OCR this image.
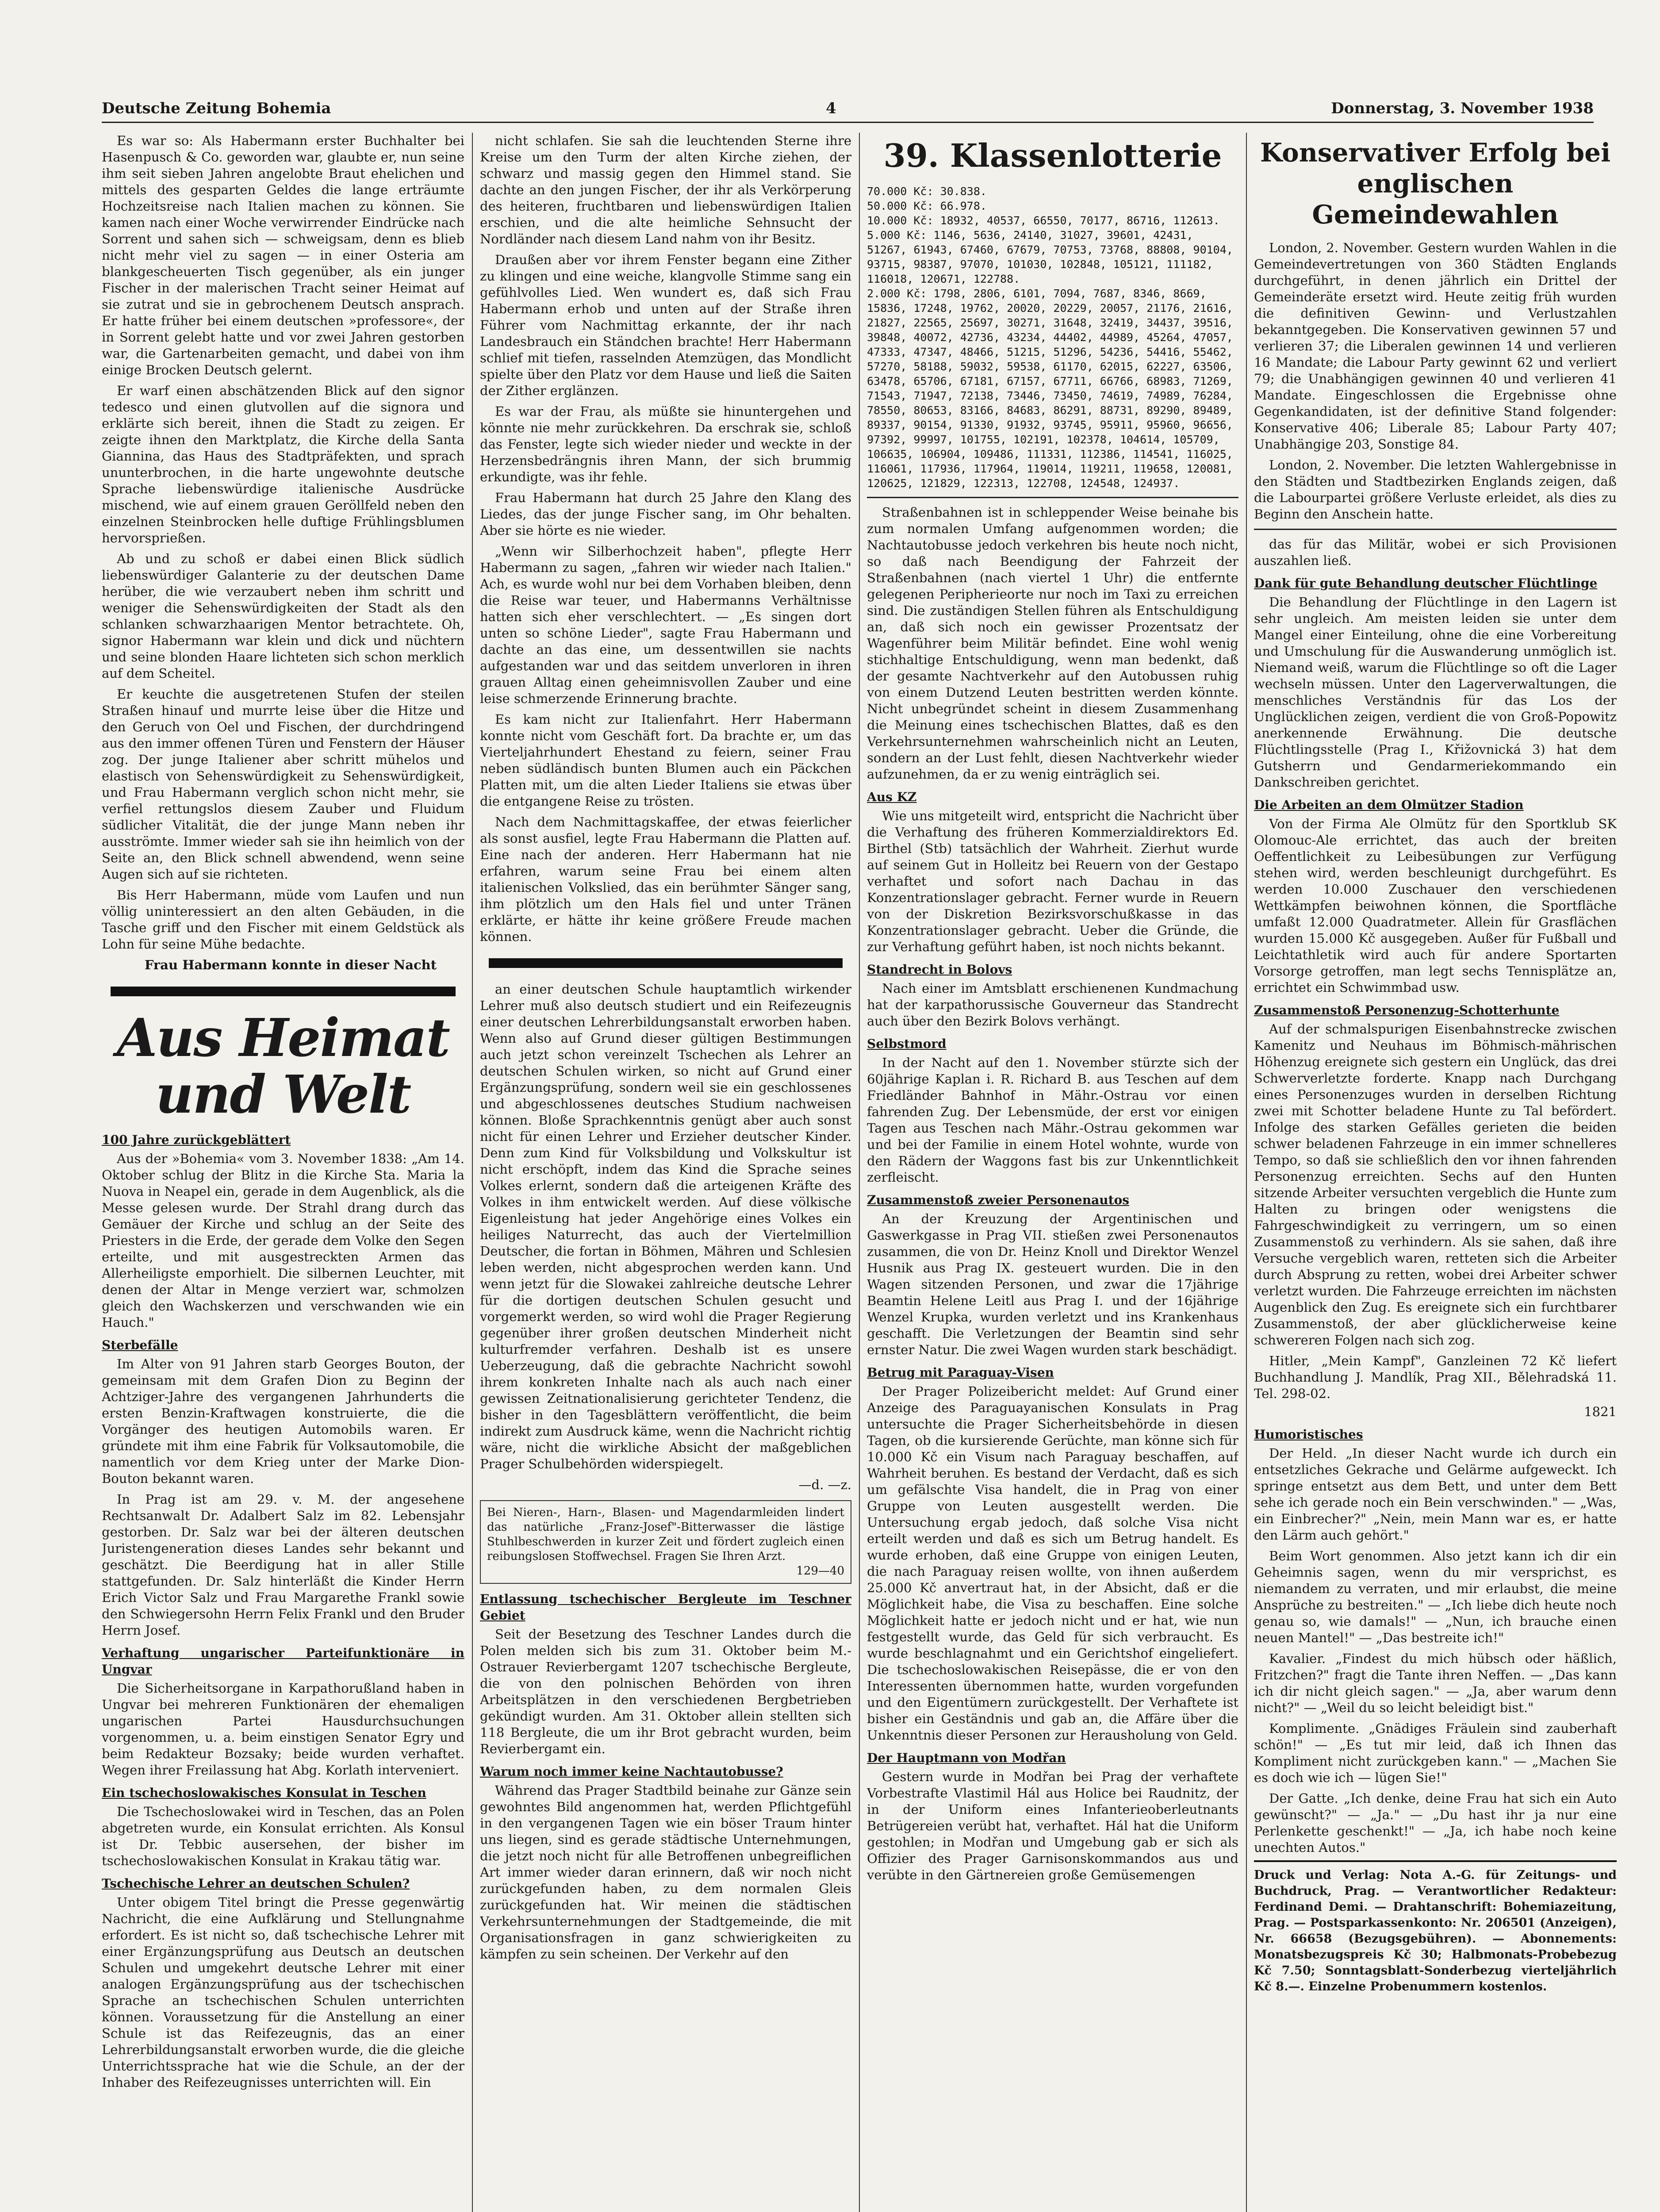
Deutsche Zeitung Bohemia	4	Donnerstag, 3. November 1938

Es war so: Als Habermann erster Buchhalter bei Hasenpusch & Co. geworden war, glaubte er, nun seine ihm seit sieben Jahren angelobte Braut ehelichen und mittels des gesparten Geldes die lange erträumte Hochzeitsreise nach Italien machen zu können. Sie kamen nach einer Woche verwirrender Eindrücke nach Sorrent und sahen sich — schweigsam, denn es blieb nicht mehr viel zu sagen — in einer Osteria am blankgescheuerten Tisch gegenüber, als ein junger Fischer in der malerischen Tracht seiner Heimat auf sie zutrat und sie in gebrochenem Deutsch ansprach. Er hatte früher bei einem deutschen »professore«, der in Sorrent gelebt hatte und vor zwei Jahren gestorben war, die Gartenarbeiten gemacht, und dabei von ihm einige Brocken Deutsch gelernt.

Er warf einen abschätzenden Blick auf den signor tedesco und einen glutvollen auf die signora und erklärte sich bereit, ihnen die Stadt zu zeigen. Er zeigte ihnen den Marktplatz, die Kirche della Santa Giannina, das Haus des Stadtpräfekten, und sprach ununterbrochen, in die harte ungewohnte deutsche Sprache liebenswürdige italienische Ausdrücke mischend, wie auf einem grauen Geröllfeld neben den einzelnen Steinbrocken helle duftige Frühlingsblumen hervorsprießen.

Ab und zu schoß er dabei einen Blick südlich liebenswürdiger Galanterie zu der deutschen Dame herüber, die wie verzaubert neben ihm schritt und weniger die Sehenswürdigkeiten der Stadt als den schlanken schwarzhaarigen Mentor betrachtete. Oh, signor Habermann war klein und dick und nüchtern und seine blonden Haare lichteten sich schon merklich auf dem Scheitel.

Er keuchte die ausgetretenen Stufen der steilen Straßen hinauf und murrte leise über die Hitze und den Geruch von Oel und Fischen, der durchdringend aus den immer offenen Türen und Fenstern der Häuser zog. Der junge Italiener aber schritt mühelos und elastisch von Sehenswürdigkeit zu Sehenswürdigkeit, und Frau Habermann verglich schon nicht mehr, sie verfiel rettungslos diesem Zauber und Fluidum südlicher Vitalität, die der junge Mann neben ihr ausströmte. Immer wieder sah sie ihn heimlich von der Seite an, den Blick schnell abwendend, wenn seine Augen sich auf sie richteten.

Bis Herr Habermann, müde vom Laufen und nun völlig uninteressiert an den alten Gebäuden, in die Tasche griff und den Fischer mit einem Geldstück als Lohn für seine Mühe bedachte.

Frau Habermann konnte in dieser Nacht

Aus Heimat und Welt
100 Jahre zurückgeblättert

Aus der »Bohemia« vom 3. November 1838: „Am 14. Oktober schlug der Blitz in die Kirche Sta. Maria la Nuova in Neapel ein, gerade in dem Augenblick, als die Messe gelesen wurde. Der Strahl drang durch das Gemäuer der Kirche und schlug an der Seite des Priesters in die Erde, der gerade dem Volke den Segen erteilte, und mit ausgestreckten Armen das Allerheiligste emporhielt. Die silbernen Leuchter, mit denen der Altar in Menge verziert war, schmolzen gleich den Wachskerzen und verschwanden wie ein Hauch."

Sterbefälle

Im Alter von 91 Jahren starb Georges Bouton, der gemeinsam mit dem Grafen Dion zu Beginn der Achtziger-Jahre des vergangenen Jahrhunderts die ersten Benzin-Kraftwagen konstruierte, die die Vorgänger des heutigen Automobils waren. Er gründete mit ihm eine Fabrik für Volksautomobile, die namentlich vor dem Krieg unter der Marke Dion-Bouton bekannt waren.

In Prag ist am 29. v. M. der angesehene Rechtsanwalt Dr. Adalbert Salz im 82. Lebensjahr gestorben. Dr. Salz war bei der älteren deutschen Juristengeneration dieses Landes sehr bekannt und geschätzt. Die Beerdigung hat in aller Stille stattgefunden. Dr. Salz hinterläßt die Kinder Herrn Erich Victor Salz und Frau Margarethe Frankl sowie den Schwiegersohn Herrn Felix Frankl und den Bruder Herrn Josef.

Verhaftung ungarischer Parteifunktionäre in Ungvar

Die Sicherheitsorgane in Karpathorußland haben in Ungvar bei mehreren Funktionären der ehemaligen ungarischen Partei Hausdurchsuchungen vorgenommen, u. a. beim einstigen Senator Egry und beim Redakteur Bozsaky; beide wurden verhaftet. Wegen ihrer Freilassung hat Abg. Korlath interveniert.

Ein tschechoslowakisches Konsulat in Teschen

Die Tschechoslowakei wird in Teschen, das an Polen abgetreten wurde, ein Konsulat errichten. Als Konsul ist Dr. Tebbic ausersehen, der bisher im tschechoslowakischen Konsulat in Krakau tätig war.

Tschechische Lehrer an deutschen Schulen?

Unter obigem Titel bringt die Presse gegenwärtig Nachricht, die eine Aufklärung und Stellungnahme erfordert. Es ist nicht so, daß tschechische Lehrer mit einer Ergänzungsprüfung aus Deutsch an deutschen Schulen und umgekehrt deutsche Lehrer mit einer analogen Ergänzungsprüfung aus der tschechischen Sprache an tschechischen Schulen unterrichten können. Voraussetzung für die Anstellung an einer Schule ist das Reifezeugnis, das an einer Lehrerbildungsanstalt erworben wurde, die die gleiche Unterrichtssprache hat wie die Schule, an der der Inhaber des Reifezeugnisses unterrichten will. Ein

nicht schlafen. Sie sah die leuchtenden Sterne ihre Kreise um den Turm der alten Kirche ziehen, der schwarz und massig gegen den Himmel stand. Sie dachte an den jungen Fischer, der ihr als Verkörperung des heiteren, fruchtbaren und liebenswürdigen Italien erschien, und die alte heimliche Sehnsucht der Nordländer nach diesem Land nahm von ihr Besitz.

Draußen aber vor ihrem Fenster begann eine Zither zu klingen und eine weiche, klangvolle Stimme sang ein gefühlvolles Lied. Wen wundert es, daß sich Frau Habermann erhob und unten auf der Straße ihren Führer vom Nachmittag erkannte, der ihr nach Landesbrauch ein Ständchen brachte! Herr Habermann schlief mit tiefen, rasselnden Atemzügen, das Mondlicht spielte über den Platz vor dem Hause und ließ die Saiten der Zither erglänzen.

Es war der Frau, als müßte sie hinuntergehen und könnte nie mehr zurückkehren. Da erschrak sie, schloß das Fenster, legte sich wieder nieder und weckte in der Herzensbedrängnis ihren Mann, der sich brummig erkundigte, was ihr fehle.

Frau Habermann hat durch 25 Jahre den Klang des Liedes, das der junge Fischer sang, im Ohr behalten. Aber sie hörte es nie wieder.

„Wenn wir Silberhochzeit haben", pflegte Herr Habermann zu sagen, „fahren wir wieder nach Italien." Ach, es wurde wohl nur bei dem Vorhaben bleiben, denn die Reise war teuer, und Habermanns Verhältnisse hatten sich eher verschlechtert. — „Es singen dort unten so schöne Lieder", sagte Frau Habermann und dachte an das eine, um dessentwillen sie nachts aufgestanden war und das seitdem unverloren in ihren grauen Alltag einen geheimnisvollen Zauber und eine leise schmerzende Erinnerung brachte.

Es kam nicht zur Italienfahrt. Herr Habermann konnte nicht vom Geschäft fort. Da brachte er, um das Vierteljahrhundert Ehestand zu feiern, seiner Frau neben südländisch bunten Blumen auch ein Päckchen Platten mit, um die alten Lieder Italiens sie etwas über die entgangene Reise zu trösten.

Nach dem Nachmittagskaffee, der etwas feierlicher als sonst ausfiel, legte Frau Habermann die Platten auf. Eine nach der anderen. Herr Habermann hat nie erfahren, warum seine Frau bei einem alten italienischen Volkslied, das ein berühmter Sänger sang, ihm plötzlich um den Hals fiel und unter Tränen erklärte, er hätte ihr keine größere Freude machen können.

an einer deutschen Schule hauptamtlich wirkender Lehrer muß also deutsch studiert und ein Reifezeugnis einer deutschen Lehrerbildungsanstalt erworben haben. Wenn also auf Grund dieser gültigen Bestimmungen auch jetzt schon vereinzelt Tschechen als Lehrer an deutschen Schulen wirken, so nicht auf Grund einer Ergänzungsprüfung, sondern weil sie ein geschlossenes und abgeschlossenes deutsches Studium nachweisen können. Bloße Sprachkenntnis genügt aber auch sonst nicht für einen Lehrer und Erzieher deutscher Kinder. Denn zum Kind für Volksbildung und Volkskultur ist nicht erschöpft, indem das Kind die Sprache seines Volkes erlernt, sondern daß die arteigenen Kräfte des Volkes in ihm entwickelt werden. Auf diese völkische Eigenleistung hat jeder Angehörige eines Volkes ein heiliges Naturrecht, das auch der Viertelmillion Deutscher, die fortan in Böhmen, Mähren und Schlesien leben werden, nicht abgesprochen werden kann. Und wenn jetzt für die Slowakei zahlreiche deutsche Lehrer für die dortigen deutschen Schulen gesucht und vorgemerkt werden, so wird wohl die Prager Regierung gegenüber ihrer großen deutschen Minderheit nicht kulturfremder verfahren. Deshalb ist es unsere Ueberzeugung, daß die gebrachte Nachricht sowohl ihrem konkreten Inhalte nach als auch nach einer gewissen Zeitnationalisierung gerichteter Tendenz, die bisher in den Tagesblättern veröffentlicht, die beim indirekt zum Ausdruck käme, wenn die Nachricht richtig wäre, nicht die wirkliche Absicht der maßgeblichen Prager Schulbehörden widerspiegelt.

—d. —z.
Bei Nieren-, Harn-, Blasen- und Magendarmleiden lindert das natürliche „Franz-Josef"-Bitterwasser die lästige Stuhlbeschwerden in kurzer Zeit und fördert zugleich einen reibungslosen Stoffwechsel. Fragen Sie Ihren Arzt.
129—40
Entlassung tschechischer Bergleute im Teschner Gebiet

Seit der Besetzung des Teschner Landes durch die Polen melden sich bis zum 31. Oktober beim M.-Ostrauer Revierbergamt 1207 tschechische Bergleute, die von den polnischen Behörden von ihren Arbeitsplätzen in den verschiedenen Bergbetrieben gekündigt wurden. Am 31. Oktober allein stellten sich 118 Bergleute, die um ihr Brot gebracht wurden, beim Revierbergamt ein.

Warum noch immer keine Nachtautobusse?

Während das Prager Stadtbild beinahe zur Gänze sein gewohntes Bild angenommen hat, werden Pflichtgefühl in den vergangenen Tagen wie ein böser Traum hinter uns liegen, sind es gerade städtische Unternehmungen, die jetzt noch nicht für alle Betroffenen unbegreiflichen Art immer wieder daran erinnern, daß wir noch nicht zurückgefunden haben, zu dem normalen Gleis zurückgefunden hat. Wir meinen die städtischen Verkehrsunternehmungen der Stadtgemeinde, die mit Organisationsfragen in ganz schwierigkeiten zu kämpfen zu sein scheinen. Der Verkehr auf den

39. Klassenlotterie
70.000 Kč: 30.838.
50.000 Kč: 66.978.
10.000 Kč: 18932, 40537, 66550, 70177, 86716, 112613.
5.000 Kč: 1146, 5636, 24140, 31027, 39601, 42431, 51267, 61943, 67460, 67679, 70753, 73768, 88808, 90104, 93715, 98387, 97070, 101030, 102848, 105121, 111182, 116018, 120671, 122788.
2.000 Kč: 1798, 2806, 6101, 7094, 7687, 8346, 8669, 15836, 17248, 19762, 20020, 20229, 20057, 21176, 21616, 21827, 22565, 25697, 30271, 31648, 32419, 34437, 39516, 39848, 40072, 42736, 43234, 44402, 44989, 45264, 47057, 47333, 47347, 48466, 51215, 51296, 54236, 54416, 55462, 57270, 58188, 59032, 59538, 61170, 62015, 62227, 63506, 63478, 65706, 67181, 67157, 67711, 66766, 68983, 71269, 71543, 71947, 72138, 73446, 73450, 74619, 74989, 76284, 78550, 80653, 83166, 84683, 86291, 88731, 89290, 89489, 89337, 90154, 91330, 91932, 93745, 95911, 95960, 96656, 97392, 99997, 101755, 102191, 102378, 104614, 105709, 106635, 106904, 109486, 111331, 112386, 114541, 116025, 116061, 117936, 117964, 119014, 119211, 119658, 120081, 120625, 121829, 122313, 122708, 124548, 124937.

Straßenbahnen ist in schleppender Weise beinahe bis zum normalen Umfang aufgenommen worden; die Nachtautobusse jedoch verkehren bis heute noch nicht, so daß nach Beendigung der Fahrzeit der Straßenbahnen (nach viertel 1 Uhr) die entfernte gelegenen Peripherieorte nur noch im Taxi zu erreichen sind. Die zuständigen Stellen führen als Entschuldigung an, daß sich noch ein gewisser Prozentsatz der Wagenführer beim Militär befindet. Eine wohl wenig stichhaltige Entschuldigung, wenn man bedenkt, daß der gesamte Nachtverkehr auf den Autobussen ruhig von einem Dutzend Leuten bestritten werden könnte. Nicht unbegründet scheint in diesem Zusammenhang die Meinung eines tschechischen Blattes, daß es den Verkehrsunternehmen wahrscheinlich nicht an Leuten, sondern an der Lust fehlt, diesen Nachtverkehr wieder aufzunehmen, da er zu wenig einträglich sei.

Aus KZ

Wie uns mitgeteilt wird, entspricht die Nachricht über die Verhaftung des früheren Kommerzialdirektors Ed. Birthel (Stb) tatsächlich der Wahrheit. Zierhut wurde auf seinem Gut in Holleitz bei Reuern von der Gestapo verhaftet und sofort nach Dachau in das Konzentrationslager gebracht. Ferner wurde in Reuern von der Diskretion Bezirksvorschußkasse in das Konzentrationslager gebracht. Ueber die Gründe, die zur Verhaftung geführt haben, ist noch nichts bekannt.

Standrecht in Bolovs

Nach einer im Amtsblatt erschienenen Kundmachung hat der karpathorussische Gouverneur das Standrecht auch über den Bezirk Bolovs verhängt.

Selbstmord

In der Nacht auf den 1. November stürzte sich der 60jährige Kaplan i. R. Richard B. aus Teschen auf dem Friedländer Bahnhof in Mähr.-Ostrau vor einen fahrenden Zug. Der Lebensmüde, der erst vor einigen Tagen aus Teschen nach Mähr.-Ostrau gekommen war und bei der Familie in einem Hotel wohnte, wurde von den Rädern der Waggons fast bis zur Unkenntlichkeit zerfleischt.

Zusammenstoß zweier Personenautos

An der Kreuzung der Argentinischen und Gaswerkgasse in Prag VII. stießen zwei Personenautos zusammen, die von Dr. Heinz Knoll und Direktor Wenzel Husnik aus Prag IX. gesteuert wurden. Die in den Wagen sitzenden Personen, und zwar die 17jährige Beamtin Helene Leitl aus Prag I. und der 16jährige Wenzel Krupka, wurden verletzt und ins Krankenhaus geschafft. Die Verletzungen der Beamtin sind sehr ernster Natur. Die zwei Wagen wurden stark beschädigt.

Betrug mit Paraguay-Visen

Der Prager Polizeibericht meldet: Auf Grund einer Anzeige des Paraguayanischen Konsulats in Prag untersuchte die Prager Sicherheitsbehörde in diesen Tagen, ob die kursierende Gerüchte, man könne sich für 10.000 Kč ein Visum nach Paraguay beschaffen, auf Wahrheit beruhen. Es bestand der Verdacht, daß es sich um gefälschte Visa handelt, die in Prag von einer Gruppe von Leuten ausgestellt werden. Die Untersuchung ergab jedoch, daß solche Visa nicht erteilt werden und daß es sich um Betrug handelt. Es wurde erhoben, daß eine Gruppe von einigen Leuten, die nach Paraguay reisen wollte, von ihnen außerdem 25.000 Kč anvertraut hat, in der Absicht, daß er die Möglichkeit habe, die Visa zu beschaffen. Eine solche Möglichkeit hatte er jedoch nicht und er hat, wie nun festgestellt wurde, das Geld für sich verbraucht. Es wurde beschlagnahmt und ein Gerichtshof eingeliefert. Die tschechoslowakischen Reisepässe, die er von den Interessenten übernommen hatte, wurden vorgefunden und den Eigentümern zurückgestellt. Der Verhaftete ist bisher ein Geständnis und gab an, die Affäre über die Unkenntnis dieser Personen zur Herausholung von Geld.

Der Hauptmann von Modřan

Gestern wurde in Modřan bei Prag der verhaftete Vorbestrafte Vlastimil Hál aus Holice bei Raudnitz, der in der Uniform eines Infanterieoberleutnants Betrügereien verübt hat, verhaftet. Hál hat die Uniform gestohlen; in Modřan und Umgebung gab er sich als Offizier des Prager Garnisonskommandos aus und verübte in den Gärtnereien große Gemüsemengen

Konservativer Erfolg bei englischen Gemeindewahlen

London, 2. November. Gestern wurden Wahlen in die Gemeindevertretungen von 360 Städten Englands durchgeführt, in denen jährlich ein Drittel der Gemeinderäte ersetzt wird. Heute zeitig früh wurden die definitiven Gewinn- und Verlustzahlen bekanntgegeben. Die Konservativen gewinnen 57 und verlieren 37; die Liberalen gewinnen 14 und verlieren 16 Mandate; die Labour Party gewinnt 62 und verliert 79; die Unabhängigen gewinnen 40 und verlieren 41 Mandate. Eingeschlossen die Ergebnisse ohne Gegenkandidaten, ist der definitive Stand folgender: Konservative 406; Liberale 85; Labour Party 407; Unabhängige 203, Sonstige 84.

London, 2. November. Die letzten Wahlergebnisse in den Städten und Stadtbezirken Englands zeigen, daß die Labourpartei größere Verluste erleidet, als dies zu Beginn den Anschein hatte.

das für das Militär, wobei er sich Provisionen auszahlen ließ.

Dank für gute Behandlung deutscher Flüchtlinge

Die Behandlung der Flüchtlinge in den Lagern ist sehr ungleich. Am meisten leiden sie unter dem Mangel einer Einteilung, ohne die eine Vorbereitung und Umschulung für die Auswanderung unmöglich ist. Niemand weiß, warum die Flüchtlinge so oft die Lager wechseln müssen. Unter den Lagerverwaltungen, die menschliches Verständnis für das Los der Unglücklichen zeigen, verdient die von Groß-Popowitz anerkennende Erwähnung. Die deutsche Flüchtlingsstelle (Prag I., Křižovnická 3) hat dem Gutsherrn und Gendarmeriekommando ein Dankschreiben gerichtet.

Die Arbeiten an dem Olmützer Stadion

Von der Firma Ale Olmütz für den Sportklub SK Olomouc-Ale errichtet, das auch der breiten Oeffentlichkeit zu Leibesübungen zur Verfügung stehen wird, werden beschleunigt durchgeführt. Es werden 10.000 Zuschauer den verschiedenen Wettkämpfen beiwohnen können, die Sportfläche umfaßt 12.000 Quadratmeter. Allein für Grasflächen wurden 15.000 Kč ausgegeben. Außer für Fußball und Leichtathletik wird auch für andere Sportarten Vorsorge getroffen, man legt sechs Tennisplätze an, errichtet ein Schwimmbad usw.

Zusammenstoß Personenzug-Schotterhunte

Auf der schmalspurigen Eisenbahnstrecke zwischen Kamenitz und Neuhaus im Böhmisch-mährischen Höhenzug ereignete sich gestern ein Unglück, das drei Schwerverletzte forderte. Knapp nach Durchgang eines Personenzuges wurden in derselben Richtung zwei mit Schotter beladene Hunte zu Tal befördert. Infolge des starken Gefälles gerieten die beiden schwer beladenen Fahrzeuge in ein immer schnelleres Tempo, so daß sie schließlich den vor ihnen fahrenden Personenzug erreichten. Sechs auf den Hunten sitzende Arbeiter versuchten vergeblich die Hunte zum Halten zu bringen oder wenigstens die Fahrgeschwindigkeit zu verringern, um so einen Zusammenstoß zu verhindern. Als sie sahen, daß ihre Versuche vergeblich waren, retteten sich die Arbeiter durch Absprung zu retten, wobei drei Arbeiter schwer verletzt wurden. Die Fahrzeuge erreichten im nächsten Augenblick den Zug. Es ereignete sich ein furchtbarer Zusammenstoß, der aber glücklicherweise keine schwereren Folgen nach sich zog.

Hitler, „Mein Kampf", Ganzleinen 72 Kč liefert Buchhandlung J. Mandlík, Prag XII., Bělehradská 11. Tel. 298-02.

1821
Humoristisches

Der Held. „In dieser Nacht wurde ich durch ein entsetzliches Gekrache und Gelärme aufgeweckt. Ich springe entsetzt aus dem Bett, und unter dem Bett sehe ich gerade noch ein Bein verschwinden." — „Was, ein Einbrecher?" „Nein, mein Mann war es, er hatte den Lärm auch gehört."

Beim Wort genommen. Also jetzt kann ich dir ein Geheimnis sagen, wenn du mir versprichst, es niemandem zu verraten, und mir erlaubst, die meine Ansprüche zu bestreiten." — „Ich liebe dich heute noch genau so, wie damals!" — „Nun, ich brauche einen neuen Mantel!" — „Das bestreite ich!"

Kavalier. „Findest du mich hübsch oder häßlich, Fritzchen?" fragt die Tante ihren Neffen. — „Das kann ich dir nicht gleich sagen." — „Ja, aber warum denn nicht?" — „Weil du so leicht beleidigt bist."

Komplimente. „Gnädiges Fräulein sind zauberhaft schön!" — „Es tut mir leid, daß ich Ihnen das Kompliment nicht zurückgeben kann." — „Machen Sie es doch wie ich — lügen Sie!"

Der Gatte. „Ich denke, deine Frau hat sich ein Auto gewünscht?" — „Ja." — „Du hast ihr ja nur eine Perlenkette geschenkt!" — „Ja, ich habe noch keine unechten Autos."

Druck und Verlag: Nota A.-G. für Zeitungs- und Buchdruck, Prag. — Verantwortlicher Redakteur: Ferdinand Demi. — Drahtanschrift: Bohemiazeitung, Prag. — Postsparkassenkonto: Nr. 206501 (Anzeigen), Nr. 66658 (Bezugsgebühren). — Abonnements: Monatsbezugspreis Kč 30; Halbmonats-Probebezug Kč 7.50; Sonntagsblatt-Sonderbezug vierteljährlich Kč 8.—. Einzelne Probenummern kostenlos.
